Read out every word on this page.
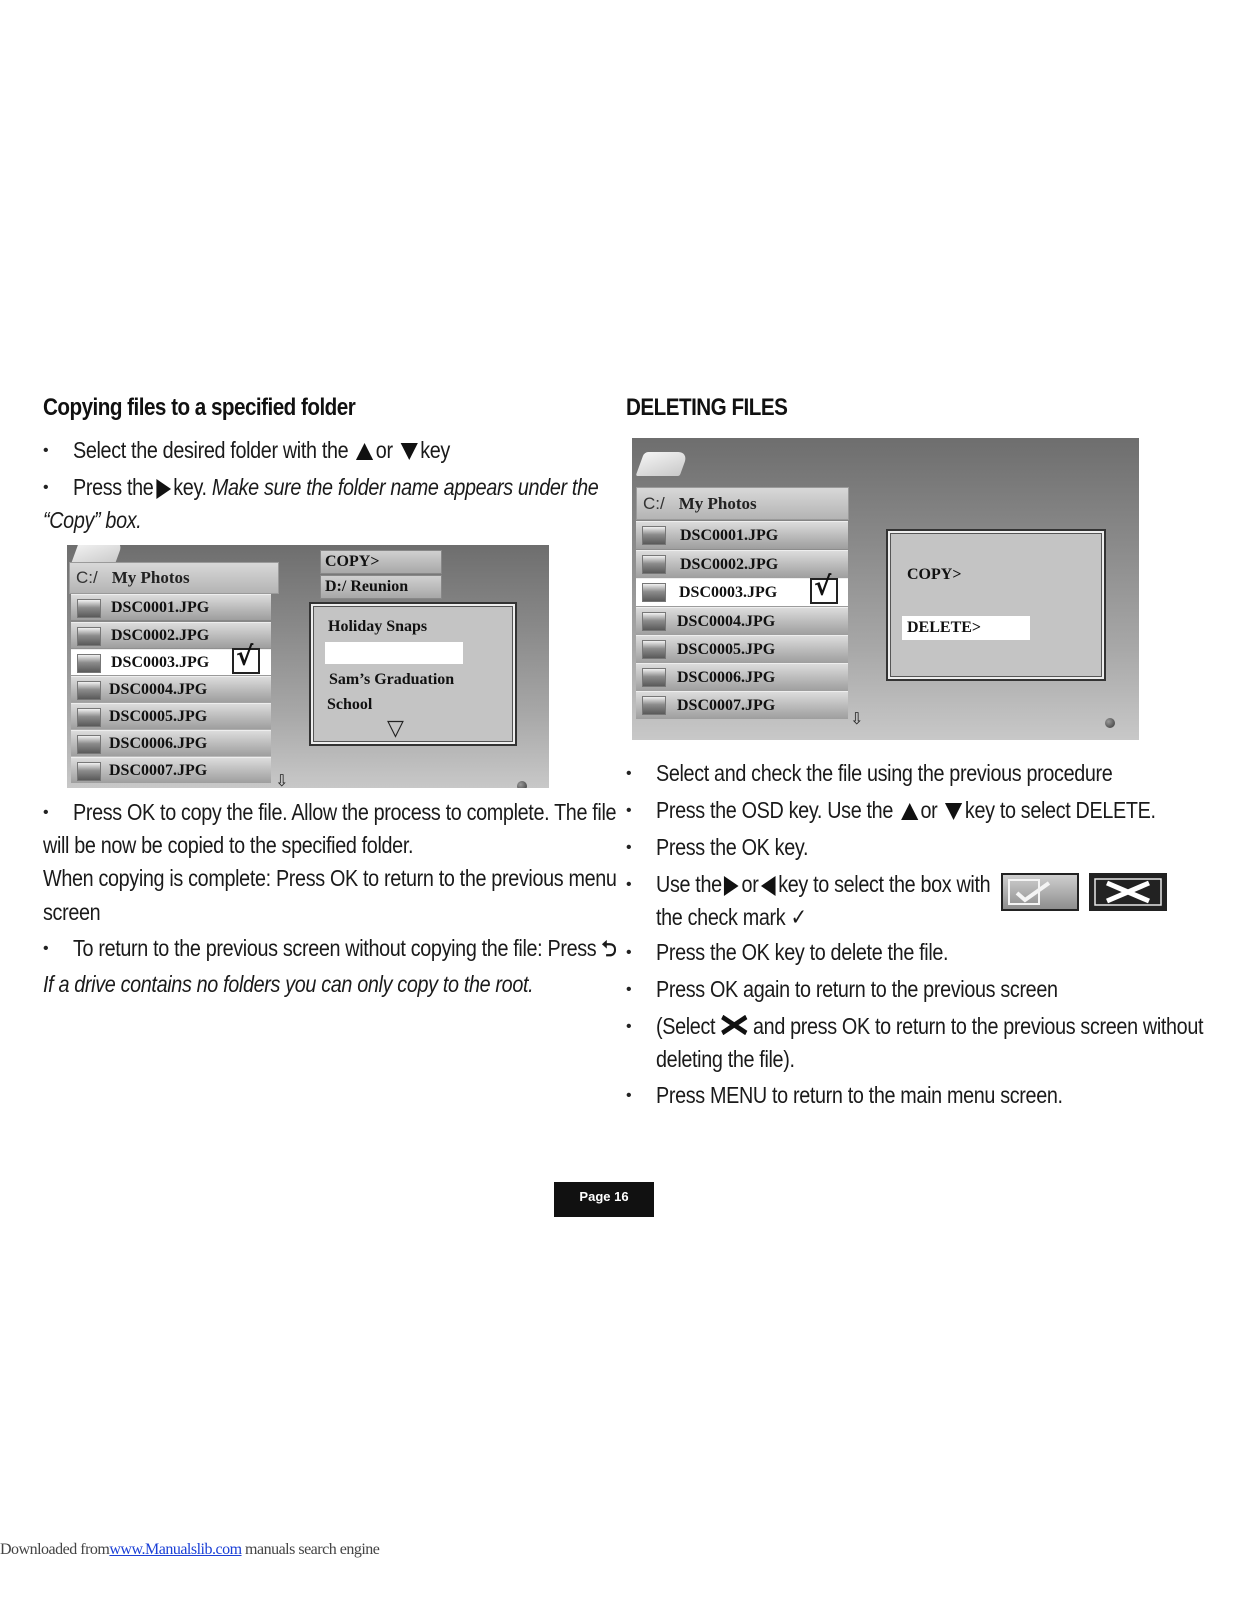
Copying files to a specified folder
• Select the desired folder with the or key
• Press the key. Make sure the folder name appears under the
“Copy” box.
C:/ My Photos
DSC0001.JPG
DSC0002.JPG
DSC0003.JPG √
DSC0004.JPG
DSC0005.JPG
DSC0006.JPG
DSC0007.JPG
⇩
COPY>
D:/ Reunion
Holiday Snaps
Sam’s Graduation
School
▽
• Press OK to copy the file. Allow the process to complete. The file
will be now be copied to the specified folder.
When copying is complete: Press OK to return to the previous menu
screen
• To return to the previous screen without copying the file: Press ⮌
If a drive contains no folders you can only copy to the root.
DELETING FILES
C:/ My Photos
DSC0001.JPG
DSC0002.JPG
DSC0003.JPG √
DSC0004.JPG
DSC0005.JPG
DSC0006.JPG
DSC0007.JPG
⇩
COPY>
DELETE>
• Select and check the file using the previous procedure
• Press the OSD key. Use the or key to select DELETE.
• Press the OK key.
• Use the or key to select the box with
the check mark ✓
• Press the OK key to delete the file.
• Press OK again to return to the previous screen
• (Select and press OK to return to the previous screen without
deleting the file).
• Press MENU to return to the main menu screen.
Page 16
Downloaded fromwww.Manualslib.com manuals search engine
